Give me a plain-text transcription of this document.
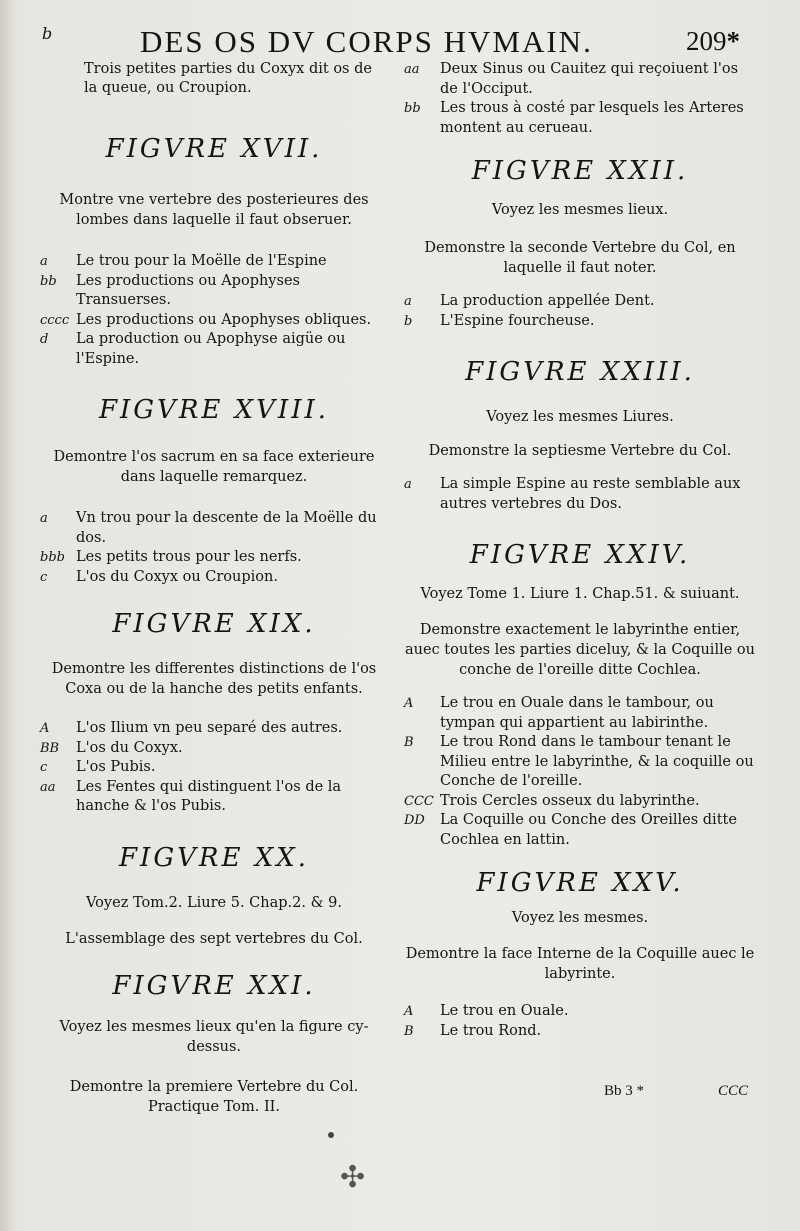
b	DES OS DV CORPS HVMAIN.	209*

Trois petites parties du Coxyx dit os de la queue, ou Croupion.

FIGVRE XVII.

Montre vne vertebre des posterieures des lombes dans laquelle il faut obseruer.

a	Le trou pour la Moëlle de l'Espine
bb	Les productions ou Apophyses Transuerses.
cccc Les productions ou Apophyses obliques.
d	La production ou Apophyse aigüe ou l'Espine.
FIGVRE XVIII.

Demontre l'os sacrum en sa face exterieure dans laquelle remarquez.

a	Vn trou pour la descente de la Moëlle du dos.
bbb Les petits trous pour les nerfs.
c	L'os du Coxyx ou Croupion.
FIGVRE XIX.

Demontre les differentes distinctions de l'os Coxa ou de la hanche des petits enfants.

A	L'os Ilium vn peu separé des autres.
BB	L'os du Coxyx.
c	L'os Pubis.
aa	Les Fentes qui distinguent l'os de la hanche & l'os Pubis.
FIGVRE XX.

Voyez Tom.2. Liure 5. Chap.2. & 9.

L'assemblage des sept vertebres du Col.

FIGVRE XXI.

Voyez les mesmes lieux qu'en la figure cy-dessus.

Demontre la premiere Vertebre du Col.

Practique Tom. II.

aa	Deux Sinus ou Cauitez qui reçoiuent l'os de l'Occiput.
bb	Les trous à costé par lesquels les Arteres montent au cerueau.
FIGVRE XXII.

Voyez les mesmes lieux.

Demonstre la seconde Vertebre du Col, en laquelle il faut noter.

a	La production appellée Dent.
b	L'Espine fourcheuse.
FIGVRE XXIII.

Voyez les mesmes Liures.

Demonstre la septiesme Vertebre du Col.

a	La simple Espine au reste semblable aux autres vertebres du Dos.
FIGVRE XXIV.

Voyez Tome 1. Liure 1. Chap.51. & suiuant.

Demonstre exactement le labyrinthe entier, auec toutes les parties diceluy, & la Coquille ou conche de l'oreille ditte Cochlea.

A	Le trou en Ouale dans le tambour, ou tympan qui appartient au labirinthe.
B	Le trou Rond dans le tambour tenant le Milieu entre le labyrinthe, & la coquille ou Conche de l'oreille.
CCC Trois Cercles osseux du labyrinthe.
DD	La Coquille ou Conche des Oreilles ditte Cochlea en lattin.
FIGVRE XXV.

Voyez les mesmes.

Demontre la face Interne de la Coquille auec le labyrinte.

A	Le trou en Ouale.
B	Le trou Rond.
Bb 3 *	CCC
✣
